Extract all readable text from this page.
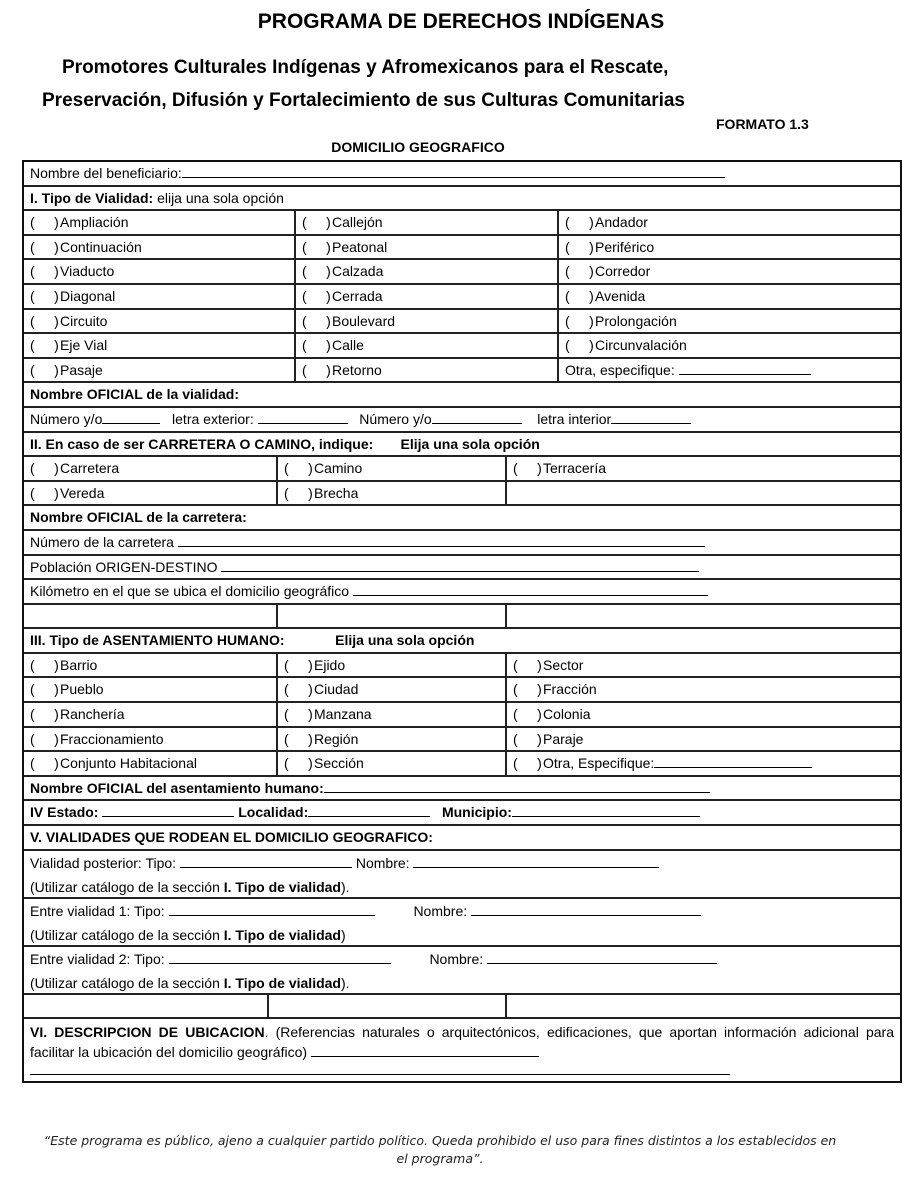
PROGRAMA DE DERECHOS INDÍGENAS
Promotores Culturales Indígenas y Afromexicanos para el Rescate,
Preservación, Difusión y Fortalecimiento de sus Culturas Comunitarias
FORMATO 1.3
DOMICILIO GEOGRAFICO
Nombre del beneficiario:
I. Tipo de Vialidad: elija una sola opción
(     )Ampliación	(     )Callejón	(     )Andador
(     )Continuación	(     )Peatonal	(     )Periférico
(     )Viaducto	(     )Calzada	(     )Corredor
(     )Diagonal	(     )Cerrada	(     )Avenida
(     )Circuito	(     )Boulevard	(     )Prolongación
(     )Eje Vial	(     )Calle	(     )Circunvalación
(     )Pasaje	(     )Retorno	Otra, especifique:
Nombre OFICIAL de la vialidad:
Número y/o	letra exterior:	Número y/o	letra interior
II. En caso de ser CARRETERA O CAMINO, indique: Elija una sola opción
(     )Carretera	(     )Camino	(     )Terracería
(     )Vereda	(     )Brecha
Nombre OFICIAL de la carretera:
Número de la carretera
Población ORIGEN-DESTINO
Kilómetro en el que se ubica el domicilio geográfico
III. Tipo de ASENTAMIENTO HUMANO:	Elija una sola opción
(     )Barrio	(     )Ejido	(     )Sector
(     )Pueblo	(     )Ciudad	(     )Fracción
(     )Ranchería	(     )Manzana	(     )Colonia
(     )Fraccionamiento	(     )Región	(     )Paraje
(     )Conjunto Habitacional	(     )Sección	(     )Otra, Especifique:
Nombre OFICIAL del asentamiento humano:
IV Estado:	Localidad:	Municipio:
V. VIALIDADES QUE RODEAN EL DOMICILIO GEOGRAFICO:
Vialidad posterior: Tipo:	Nombre:
(Utilizar catálogo de la sección I. Tipo de vialidad).
Entre vialidad 1: Tipo:	Nombre:
(Utilizar catálogo de la sección I. Tipo de vialidad)
Entre vialidad 2: Tipo:	Nombre:
(Utilizar catálogo de la sección I. Tipo de vialidad).
VI. DESCRIPCION DE UBICACION. (Referencias naturales o arquitectónicos, edificaciones, que aportan información adicional para facilitar la ubicación del domicilio geográfico)
“Este programa es público, ajeno a cualquier partido político. Queda prohibido el uso para fines distintos a los establecidos en el programa”.
